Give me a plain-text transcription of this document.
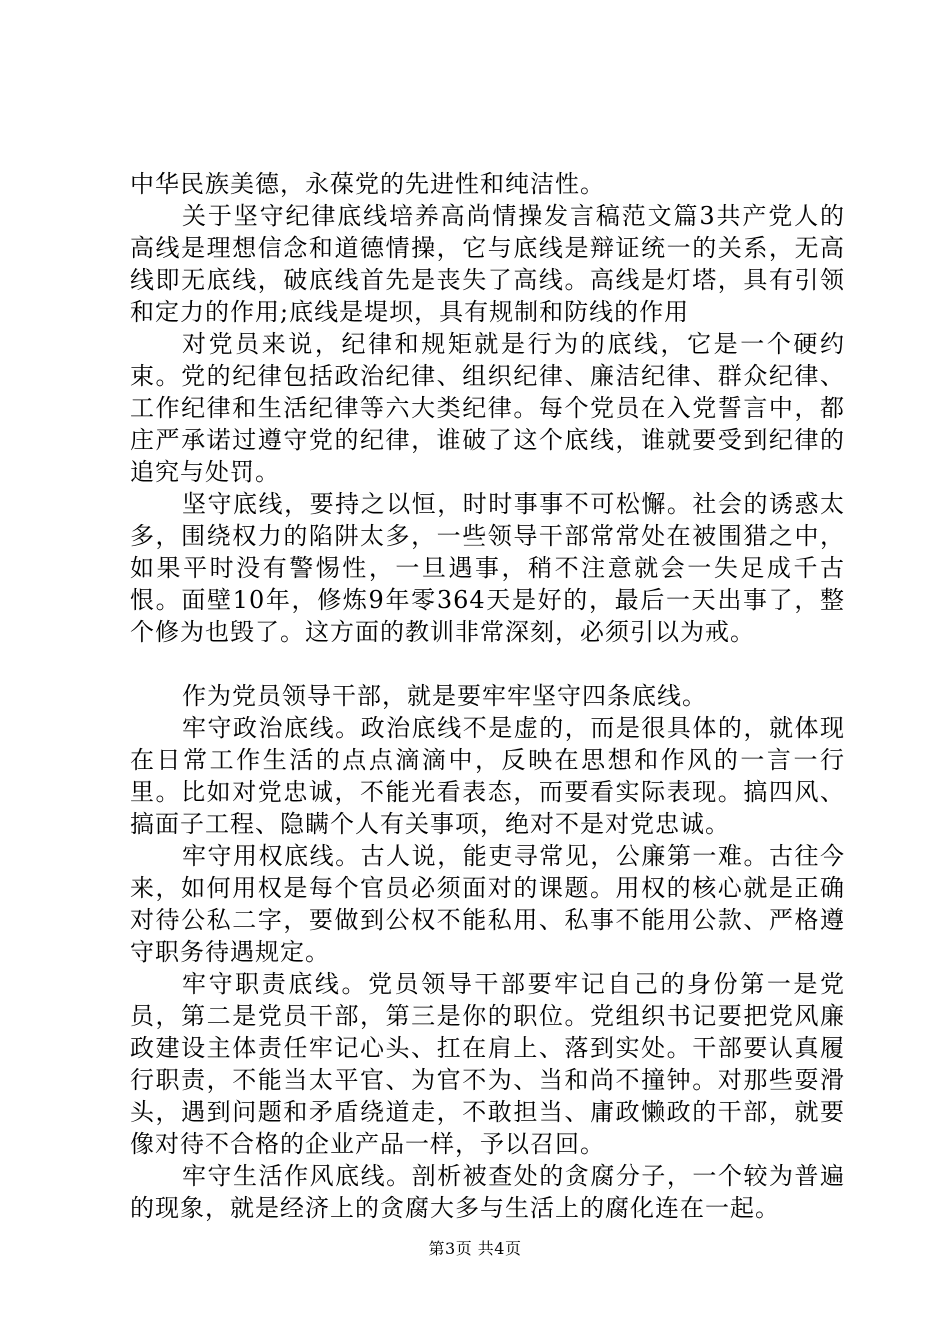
中华民族美德，永葆党的先进性和纯洁性。

关于坚守纪律底线培养高尚情操发言稿范文篇3共产党人的高线是理想信念和道德情操，它与底线是辩证统一的关系，无高线即无底线，破底线首先是丧失了高线。高线是灯塔，具有引领和定力的作用;底线是堤坝，具有规制和防线的作用

对党员来说，纪律和规矩就是行为的底线，它是一个硬约束。党的纪律包括政治纪律、组织纪律、廉洁纪律、群众纪律、工作纪律和生活纪律等六大类纪律。每个党员在入党誓言中，都庄严承诺过遵守党的纪律，谁破了这个底线，谁就要受到纪律的追究与处罚。

坚守底线，要持之以恒，时时事事不可松懈。社会的诱惑太多，围绕权力的陷阱太多，一些领导干部常常处在被围猎之中，如果平时没有警惕性，一旦遇事，稍不注意就会一失足成千古恨。面壁10年，修炼9年零364天是好的，最后一天出事了，整个修为也毁了。这方面的教训非常深刻，必须引以为戒。

作为党员领导干部，就是要牢牢坚守四条底线。

牢守政治底线。政治底线不是虚的，而是很具体的，就体现在日常工作生活的点点滴滴中，反映在思想和作风的一言一行里。比如对党忠诚，不能光看表态，而要看实际表现。搞四风、搞面子工程、隐瞒个人有关事项，绝对不是对党忠诚。

牢守用权底线。古人说，能吏寻常见，公廉第一难。古往今来，如何用权是每个官员必须面对的课题。用权的核心就是正确对待公私二字，要做到公权不能私用、私事不能用公款、严格遵守职务待遇规定。

牢守职责底线。党员领导干部要牢记自己的身份第一是党员，第二是党员干部，第三是你的职位。党组织书记要把党风廉政建设主体责任牢记心头、扛在肩上、落到实处。干部要认真履行职责，不能当太平官、为官不为、当和尚不撞钟。对那些耍滑头，遇到问题和矛盾绕道走，不敢担当、庸政懒政的干部，就要像对待不合格的企业产品一样，予以召回。

牢守生活作风底线。剖析被查处的贪腐分子，一个较为普遍的现象，就是经济上的贪腐大多与生活上的腐化连在一起。

第3页 共4页
